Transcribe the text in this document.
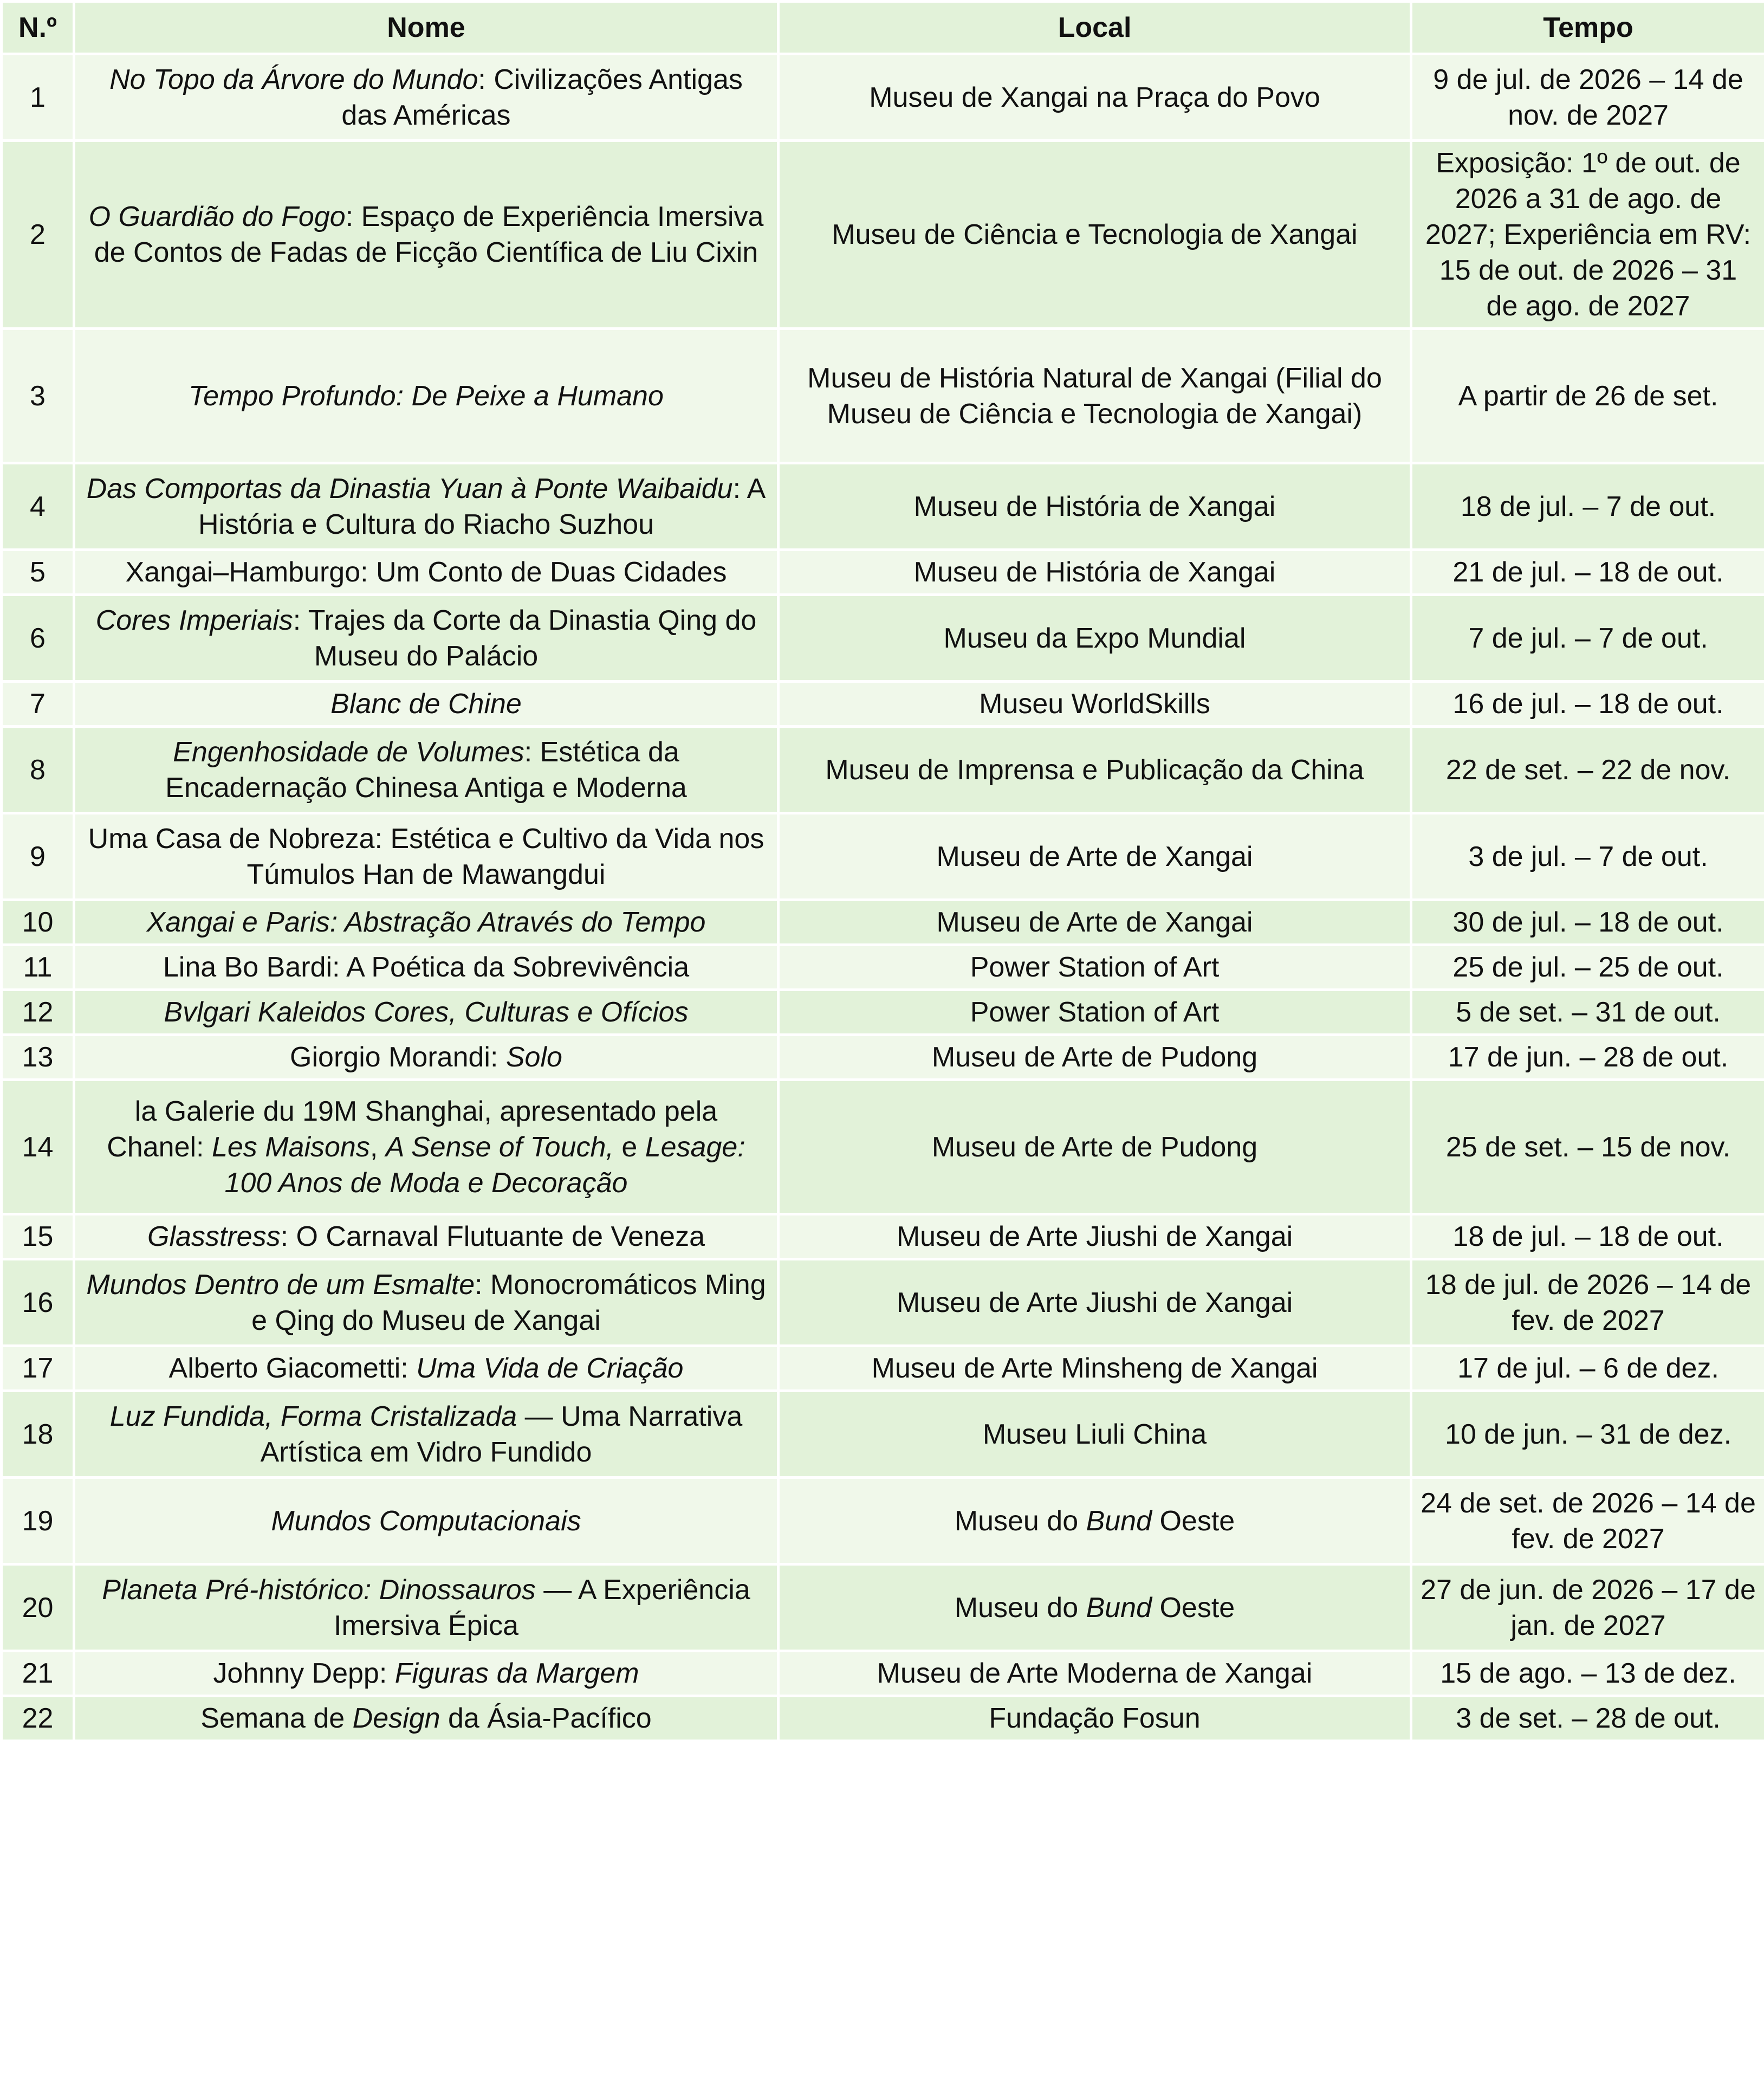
N.º	Nome	Local	Tempo
1	No Topo da Árvore do Mundo: Civilizações Antigas das Américas	Museu de Xangai na Praça do Povo	9 de jul. de 2026 – 14 de nov. de 2027
2	O Guardião do Fogo: Espaço de Experiência Imersiva de Contos de Fadas de Ficção Científica de Liu Cixin	Museu de Ciência e Tecnologia de Xangai	Exposição: 1º de out. de 2026 a 31 de ago. de 2027; Experiência em RV: 15 de out. de 2026 – 31 de ago. de 2027
3	Tempo Profundo: De Peixe a Humano	Museu de História Natural de Xangai (Filial do Museu de Ciência e Tecnologia de Xangai)	A partir de 26 de set.
4	Das Comportas da Dinastia Yuan à Ponte Waibaidu: A História e Cultura do Riacho Suzhou	Museu de História de Xangai	18 de jul. – 7 de out.
5	Xangai–Hamburgo: Um Conto de Duas Cidades	Museu de História de Xangai	21 de jul. – 18 de out.
6	Cores Imperiais: Trajes da Corte da Dinastia Qing do Museu do Palácio	Museu da Expo Mundial	7 de jul. – 7 de out.
7	Blanc de Chine	Museu WorldSkills	16 de jul. – 18 de out.
8	Engenhosidade de Volumes: Estética da Encadernação Chinesa Antiga e Moderna	Museu de Imprensa e Publicação da China	22 de set. – 22 de nov.
9	Uma Casa de Nobreza: Estética e Cultivo da Vida nos Túmulos Han de Mawangdui	Museu de Arte de Xangai	3 de jul. – 7 de out.
10	Xangai e Paris: Abstração Através do Tempo	Museu de Arte de Xangai	30 de jul. – 18 de out.
11	Lina Bo Bardi: A Poética da Sobrevivência	Power Station of Art	25 de jul. – 25 de out.
12	Bvlgari Kaleidos Cores, Culturas e Ofícios	Power Station of Art	5 de set. – 31 de out.
13	Giorgio Morandi: Solo	Museu de Arte de Pudong	17 de jun. – 28 de out.
14	la Galerie du 19M Shanghai, apresentado pela Chanel: Les Maisons, A Sense of Touch, e Lesage: 100 Anos de Moda e Decoração	Museu de Arte de Pudong	25 de set. – 15 de nov.
15	Glasstress: O Carnaval Flutuante de Veneza	Museu de Arte Jiushi de Xangai	18 de jul. – 18 de out.
16	Mundos Dentro de um Esmalte: Monocromáticos Ming e Qing do Museu de Xangai	Museu de Arte Jiushi de Xangai	18 de jul. de 2026 – 14 de fev. de 2027
17	Alberto Giacometti: Uma Vida de Criação	Museu de Arte Minsheng de Xangai	17 de jul. – 6 de dez.
18	Luz Fundida, Forma Cristalizada — Uma Narrativa Artística em Vidro Fundido	Museu Liuli China	10 de jun. – 31 de dez.
19	Mundos Computacionais	Museu do Bund Oeste	24 de set. de 2026 – 14 de fev. de 2027
20	Planeta Pré-histórico: Dinossauros — A Experiência Imersiva Épica	Museu do Bund Oeste	27 de jun. de 2026 – 17 de jan. de 2027
21	Johnny Depp: Figuras da Margem	Museu de Arte Moderna de Xangai	15 de ago. – 13 de dez.
22	Semana de Design da Ásia-Pacífico	Fundação Fosun	3 de set. – 28 de out.
